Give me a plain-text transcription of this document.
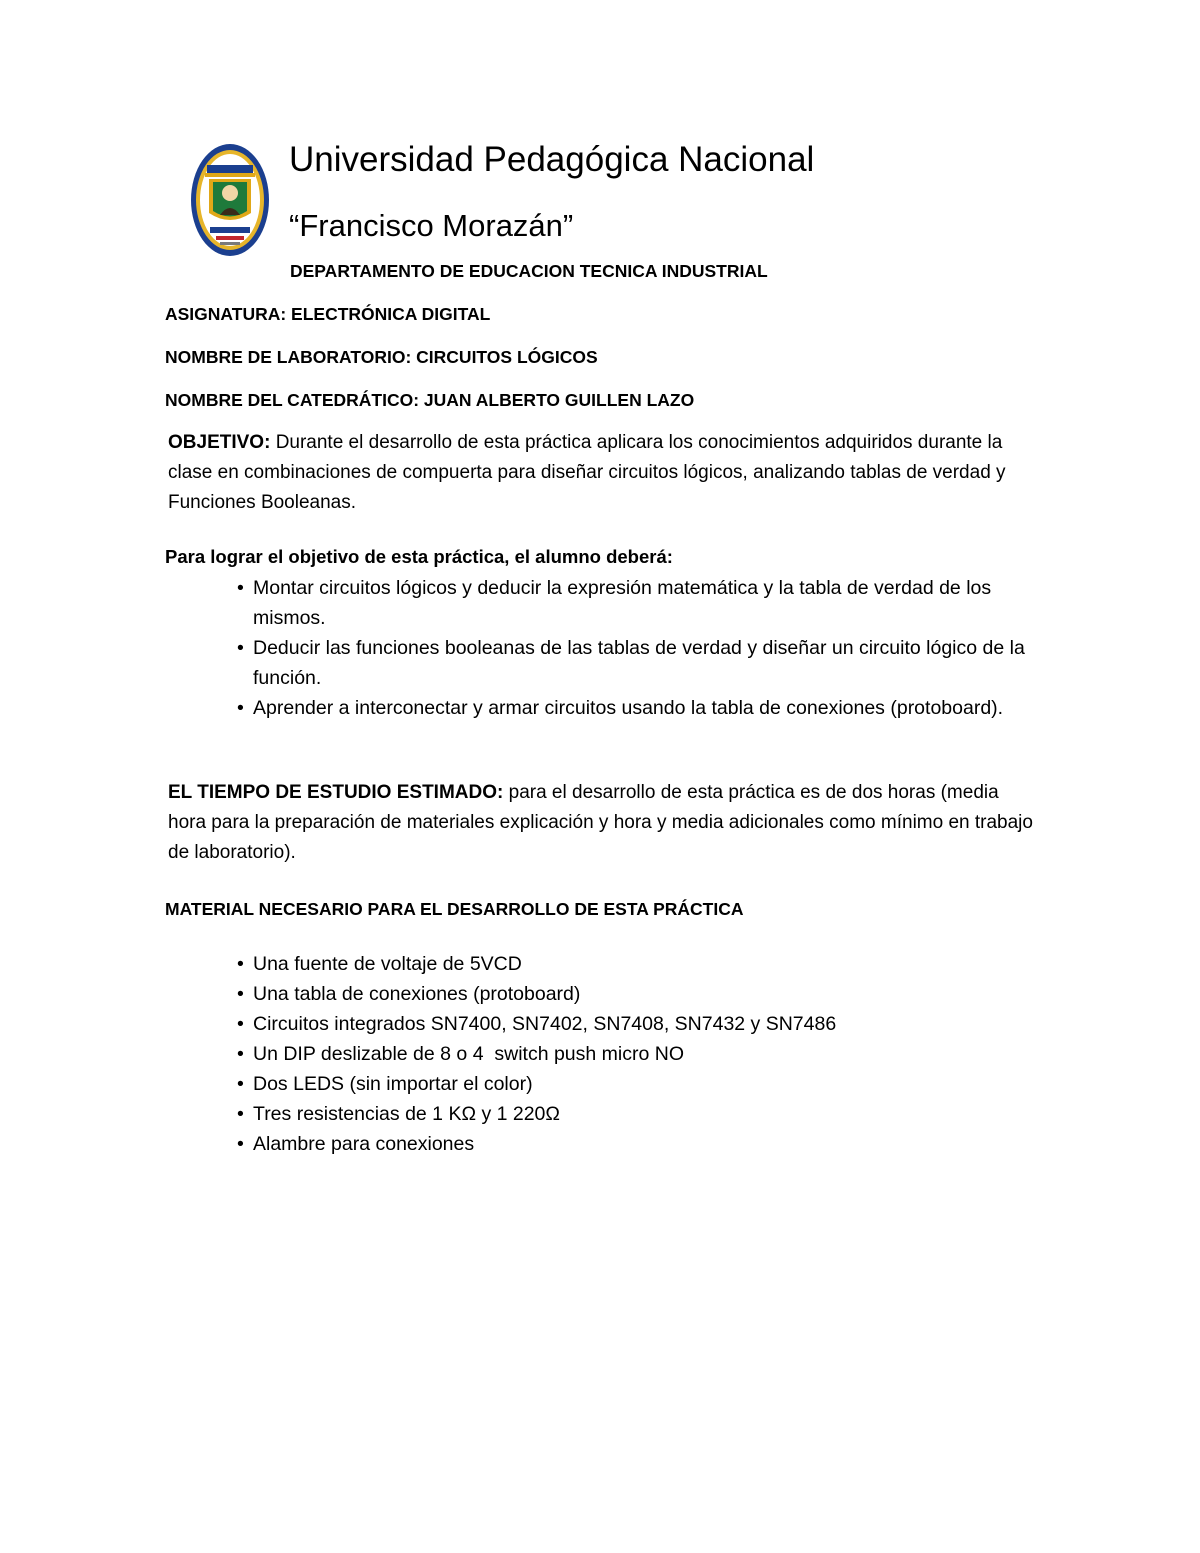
Universidad Pedagógica Nacional
“Francisco Morazán”
DEPARTAMENTO DE EDUCACION TECNICA INDUSTRIAL
ASIGNATURA: ELECTRÓNICA DIGITAL
NOMBRE DE LABORATORIO: CIRCUITOS LÓGICOS
NOMBRE DEL CATEDRÁTICO: JUAN ALBERTO GUILLEN LAZO
OBJETIVO: Durante el desarrollo de esta práctica aplicara los conocimientos adquiridos durante la clase en combinaciones de compuerta para diseñar circuitos lógicos, analizando tablas de verdad y Funciones Booleanas.
Para lograr el objetivo de esta práctica, el alumno deberá:
• Montar circuitos lógicos y deducir la expresión matemática y la tabla de verdad de los mismos.
• Deducir las funciones booleanas de las tablas de verdad y diseñar un circuito lógico de la función.
• Aprender a interconectar y armar circuitos usando la tabla de conexiones (protoboard).
EL TIEMPO DE ESTUDIO ESTIMADO: para el desarrollo de esta práctica es de dos horas (media hora para la preparación de materiales explicación y hora y media adicionales como mínimo en trabajo de laboratorio).
MATERIAL NECESARIO PARA EL DESARROLLO DE ESTA PRÁCTICA
• Una fuente de voltaje de 5VCD
• Una tabla de conexiones (protoboard)
• Circuitos integrados SN7400, SN7402, SN7408, SN7432 y SN7486
• Un DIP deslizable de 8 o 4  switch push micro NO
• Dos LEDS (sin importar el color)
• Tres resistencias de 1 KΩ y 1 220Ω
• Alambre para conexiones
